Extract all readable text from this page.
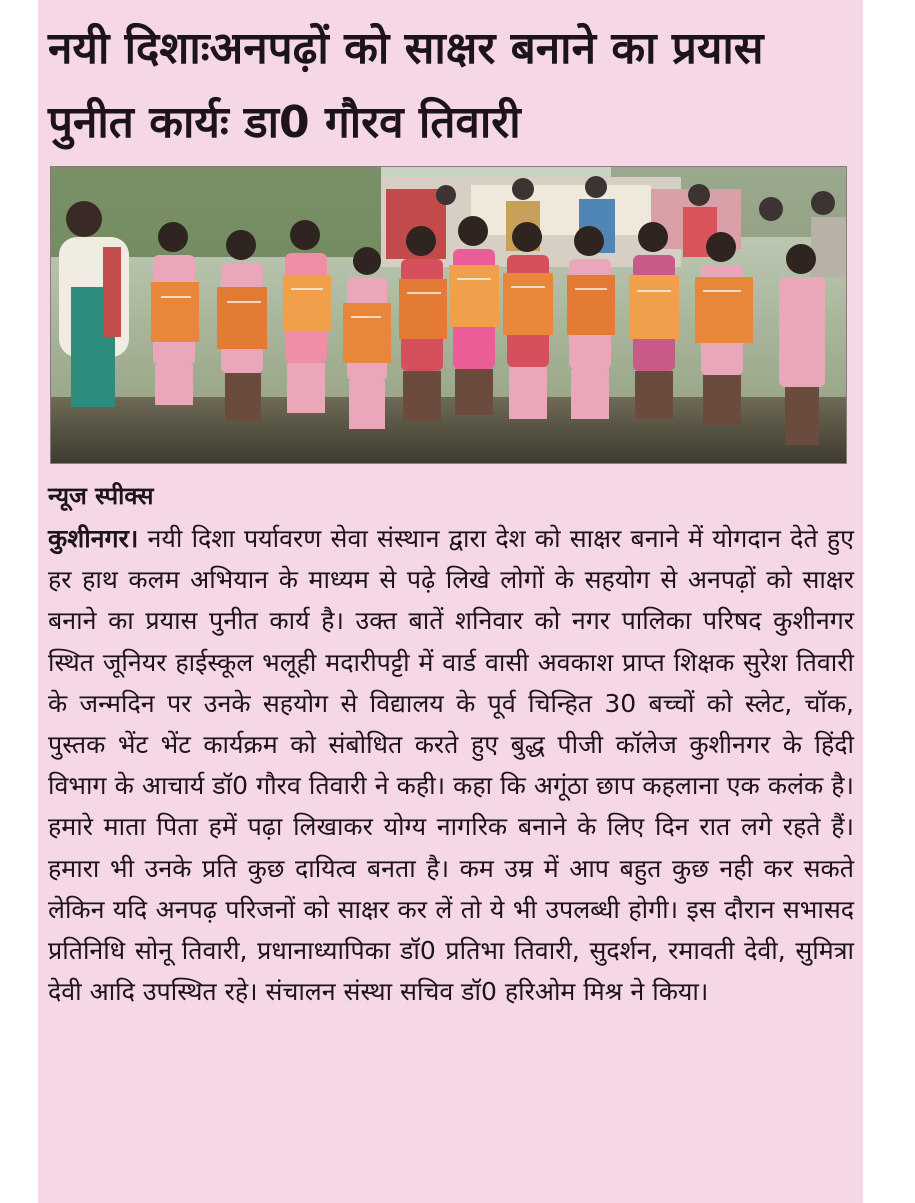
नयी दिशाःअनपढ़ों को साक्षर बनाने का प्रयास पुनीत कार्यः डा0 गौरव तिवारी
न्यूज स्पीक्स

कुशीनगर। नयी दिशा पर्यावरण सेवा संस्थान द्वारा देश को साक्षर बनाने में योगदान देते हुए हर हाथ कलम अभियान के माध्यम से पढ़े लिखे लोगों के सहयोग से अनपढ़ों को साक्षर बनाने का प्रयास पुनीत कार्य है। उक्त बातें शनिवार को नगर पालिका परिषद कुशीनगर स्थित जूनियर हाईस्कूल भलूही मदारीपट्टी में वार्ड वासी अवकाश प्राप्त शिक्षक सुरेश तिवारी के जन्मदिन पर उनके सहयोग से विद्यालय के पूर्व चिन्हित 30 बच्चों को स्लेट, चॉक, पुस्तक भेंट भेंट कार्यक्रम को संबोधित करते हुए बुद्ध पीजी कॉलेज कुशीनगर के हिंदी विभाग के आचार्य डॉ0 गौरव तिवारी ने कही। कहा कि अगूंठा छाप कहलाना एक कलंक है। हमारे माता पिता हमें पढ़ा लिखाकर योग्य नागरिक बनाने के लिए दिन रात लगे रहते हैं। हमारा भी उनके प्रति कुछ दायित्व बनता है। कम उम्र में आप बहुत कुछ नही कर सकते लेकिन यदि अनपढ़ परिजनों को साक्षर कर लें तो ये भी उपलब्धी होगी। इस दौरान सभासद प्रतिनिधि सोनू तिवारी, प्रधानाध्यापिका डॉ0 प्रतिभा तिवारी, सुदर्शन, रमावती देवी, सुमित्रा देवी आदि उपस्थित रहे। संचालन संस्था सचिव डॉ0 हरिओम मिश्र ने किया।
